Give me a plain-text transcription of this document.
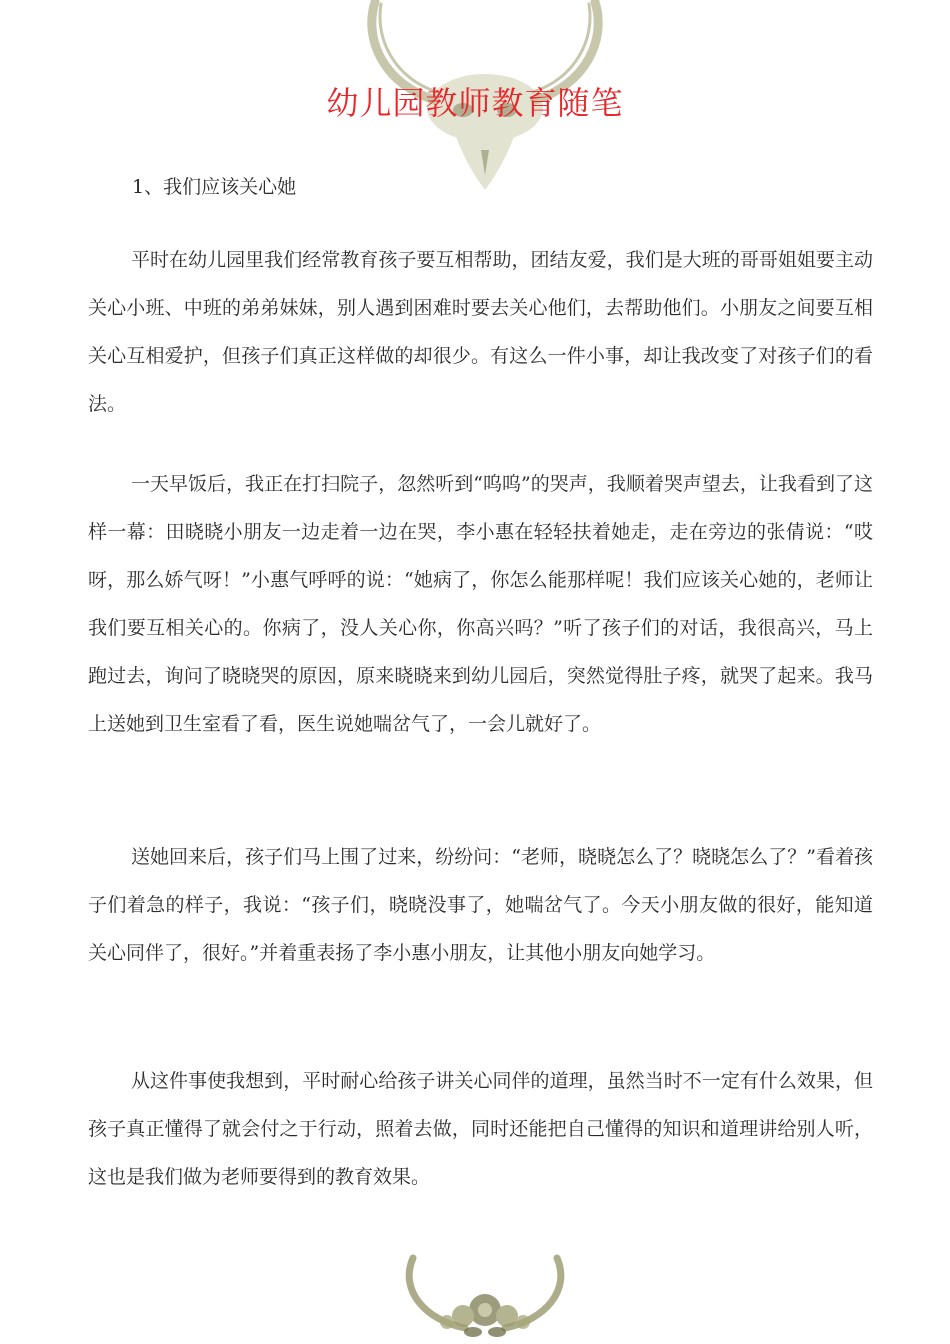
幼儿园教师教育随笔
1、我们应该关心她

平时在幼儿园里我们经常教育孩子要互相帮助，团结友爱，我们是大班的哥哥姐姐要主动关心小班、中班的弟弟妹妹，别人遇到困难时要去关心他们，去帮助他们。小朋友之间要互相关心互相爱护，但孩子们真正这样做的却很少。有这么一件小事，却让我改变了对孩子们的看法。

一天早饭后，我正在打扫院子，忽然听到“呜呜”的哭声，我顺着哭声望去，让我看到了这样一幕：田晓晓小朋友一边走着一边在哭，李小惠在轻轻扶着她走，走在旁边的张倩说：“哎呀，那么娇气呀！”小惠气呼呼的说：“她病了，你怎么能那样呢！我们应该关心她的，老师让我们要互相关心的。你病了，没人关心你，你高兴吗？”听了孩子们的对话，我很高兴，马上跑过去，询问了晓晓哭的原因，原来晓晓来到幼儿园后，突然觉得肚子疼，就哭了起来。我马上送她到卫生室看了看，医生说她喘岔气了，一会儿就好了。

送她回来后，孩子们马上围了过来，纷纷问：“老师，晓晓怎么了？晓晓怎么了？”看着孩子们着急的样子，我说：“孩子们，晓晓没事了，她喘岔气了。今天小朋友做的很好，能知道关心同伴了，很好。”并着重表扬了李小惠小朋友，让其他小朋友向她学习。

从这件事使我想到，平时耐心给孩子讲关心同伴的道理，虽然当时不一定有什么效果，但孩子真正懂得了就会付之于行动，照着去做，同时还能把自己懂得的知识和道理讲给别人听，这也是我们做为老师要得到的教育效果。
